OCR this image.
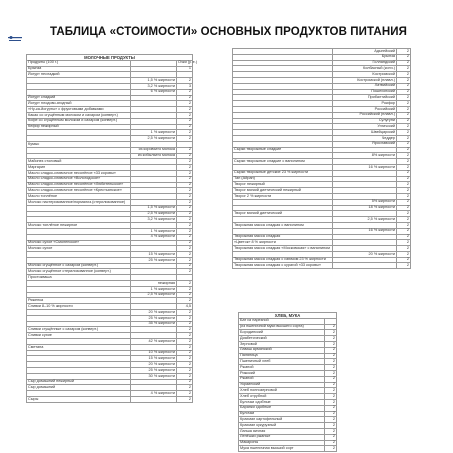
ТАБЛИЦА «СТОИМОСТИ» ОСНОВНЫХ ПРОДУКТОВ ПИТАНИЯ
МОЛОЧНЫЕ ПРОДУКТЫ		
Продукты (100 г.)		Очки (у. е.)
Брынза		1
Йогурт несладкий		
	1,5 % жирности	2
	3,2 % жирности	3
	6 % жирности	2
Йогурт сладкий		2
Йогурт плодово-ягодный		2
«Ну-ка-йогурты» с фруктовыми добавками		2
Какао со сгущённым молоком и сахаром (конверт.)		2
Кофе со сгущённым молоком и сахаром (конверт.)		2
Кефир нежирный		2
	1 % жирности	2
	2,5 % жирности	2
Кумыс		
	из коровьего молока	2
	из кобыльего молока	2
Майонез столовый		2
Маргарин		2
Масло сладко-сливочное несолёное «33 коровы»		2
Масло сладко-сливочное «Вологодское»		2
Масло сладко-сливочное несолёное «Любительское»		2
Масло сладко-сливочное несолёное «Крестьянское»		2
Масло топлёное		2
Молоко пастеризованное/нормализ.(стерилизованное)		2
	1,5 % жирности	2
	2,5 % жирности	2
	3,2 % жирности	2
Молоко топлёное нежирное		2
	1 % жирности	2
	4 % жирности	2
Молоко сухое «Смоленское»		2
Молоко сухое		2
	15 % жирности	2
	25 % жирности	2
Молоко сгущённое с сахаром (конверт.)		2
Молоко сгущённое стерилизованное (конверт.)		2
Простокваша		
	нежирная	2
	1 % жирности	2
	2,5 % жирности	2
Ряженка		2
Сливки 8–10 % жирности		4,5
	20 % жирности	2
	25 % жирности	2
	35 % жирности	2
Сливки сгущённые с сахаром (конверт.)		2
Сливки сухие		2
	42 % жирности	2
Сметана		2
	10 % жирности	2
	15 % жирности	2
	20 % жирности	2
	25 % жирности	2
	30 % жирности	2
Сыр домашний нежирный		2
Сыр домашний		2
	4 % жирности	2
Сыры		2
	Адыгейский	2
	Брынза	2
	Голландский	2
	Колбасный (копч.)	2
	Костромской	2
	Костромской (плавл.)	2
	Латвийский	2
	Пошехонский	2
	Прибалтийский	2
	Рокфор	2
	Российский	2
	Российский (плавл.)	2
	Сулугуни	2
	Угличский	2
	Швейцарский	2
	Чеддер	2
	Ярославский	2
Сырки творожные сладкие		2
	8% жирности	2
Сырки творожные сладкие с ванилином		2
	16 % жирности	2
Сырки творожные детские 23 % жирности		2
Тан (Айран)		2
Творог нежирный		2
Творог мягкий диетический нежирный		2
Творог 2 % жирности		2
	5% жирности	2
	18 % жирности	2
Творог мягкий диетический		2
	2,5 % жирности	2
Творожная масса сладкая с ванилином		2
	16 % жирности	2
Творожная масса сладкая		2
«Цветок» 8 % жирности		2
Творожная масса сладкая «Московская» с ванилином		2
	20 % жирности	2
Творожная масса сладкая с изюмом 23 % жирности		2
Творожная масса сладкая с курагой «33 коровы»		2
ХЛЕБ, МУКА	
Бат из нарезной	
(из пшеничной муки высшего сорта)	2
Бородинский	2
Диабетический	2
Зерновой	2
Лаваш армянский	2
Паляница	2
Пшеничный хлеб	2
Ржаной	2
Рижский	2
Ржаной	2
Украинский	2
Хлеб полнозерновой	2
Хлеб отрубной	2
Булочки сдобные	2
Баранки сдобные	2
Булочки	2
Крахмал картофельный	2
Крахмал кукурузный	2
Лапша яичная	2
Лепёшки ржаные	2
Макароны	2
Мука пшеничная высший сорт	2
